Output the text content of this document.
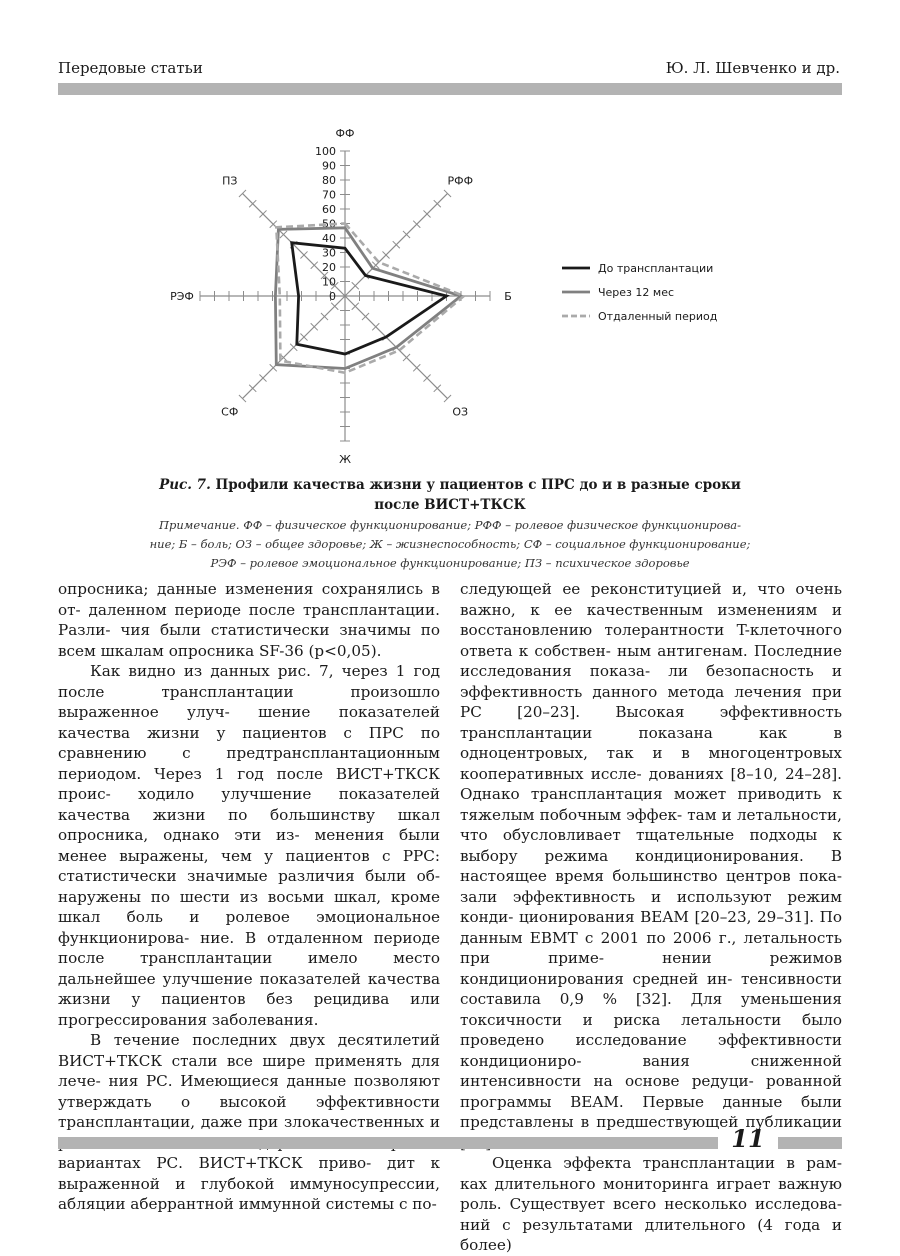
Передовые статьи	Ю. Л. Шевченко и др.
ФФ
РФФ
Б
ОЗ
Ж
СФ
РЭФ
ПЗ
0
10
20
30
40
50
60
70
80
90
100
До трансплантации
Через 12 мес
Отдаленный период
Рис. 7. Профили качества жизни у пациентов с ПРС до и в разные сроки
после ВИСТ+ТКСК
Примечание. ФФ – физическое функционирование; РФФ – ролевое физическое функционирова-
ние; Б – боль; ОЗ – общее здоровье; Ж – жизнеспособность; СФ – социальное функционирование;
РЭФ – ролевое эмоциональное функционирование; ПЗ – психическое здоровье

опросника; данные изменения сохранялись в от- даленном периоде после трансплантации. Разли- чия были статистически значимы по всем шкалам опросника SF-36 (p<0,05).

Как видно из данных рис. 7, через 1 год после	трансплантации произошло выраженное улуч- шение показателей качества жизни у пациентов с ПРС по сравнению с предтрансплантационным периодом. Через 1 год после ВИСТ+ТКСК проис- ходило улучшение показателей качества жизни по большинству шкал опросника, однако эти из- менения были менее выражены, чем у пациентов с РРС: статистически значимые различия были об- наружены по шести из восьми шкал, кроме шкал боль и ролевое эмоциональное функционирова- ние. В отдаленном периоде после трансплантации имело место дальнейшее улучшение показателей качества жизни у пациентов без рецидива или прогрессирования заболевания.

В течение последних двух десятилетий ВИСТ+ТКСК стали все шире применять для лече- ния РС. Имеющиеся данные позволяют утверждать о высокой эффективности трансплантации, даже при злокачественных и вариантах РС. ВИСТ+ТКСК приво- дит к выраженной и глубокой иммуносупрессии, абляции аберрантной иммунной системы с по-

следующей ее реконституцией и, что очень важно, к ее качественным изменениям и восстановлению толерантности T-клеточного ответа к собствен- ным антигенам. Последние исследования показа- ли безопасность и эффективность данного метода лечения при РС [20–23]. Высокая эффективность трансплантации показана как в одноцентровых, так и в многоцентровых кооперативных иссле- дованиях [8–10, 24–28]. Однако трансплантация может приводить к тяжелым побочным эффек- там и летальности, что обусловливает тщательные подходы к выбору режима кондиционирования. В настоящее время большинство центров пока- зали эффективность и используют режим конди- ционирования BEAM [20–23, 29–31]. По данным EBMT с 2001 по 2006 г., летальность при приме-	нении режимов кондиционирования средней ин- тенсивности составила 0,9 % [32]. Для уменьшения токсичности и риска летальности было проведено исследование эффективности кондициониро-	вания сниженной интенсивности на основе редуци- рованной программы BEAM. Первые данные были представлены в предшествующей публикации

Оценка эффекта трансплантации в рам- ках длительного мониторинга играет важную роль. Существует всего несколько исследова- ний с результатами длительного (4 года и более)

11
